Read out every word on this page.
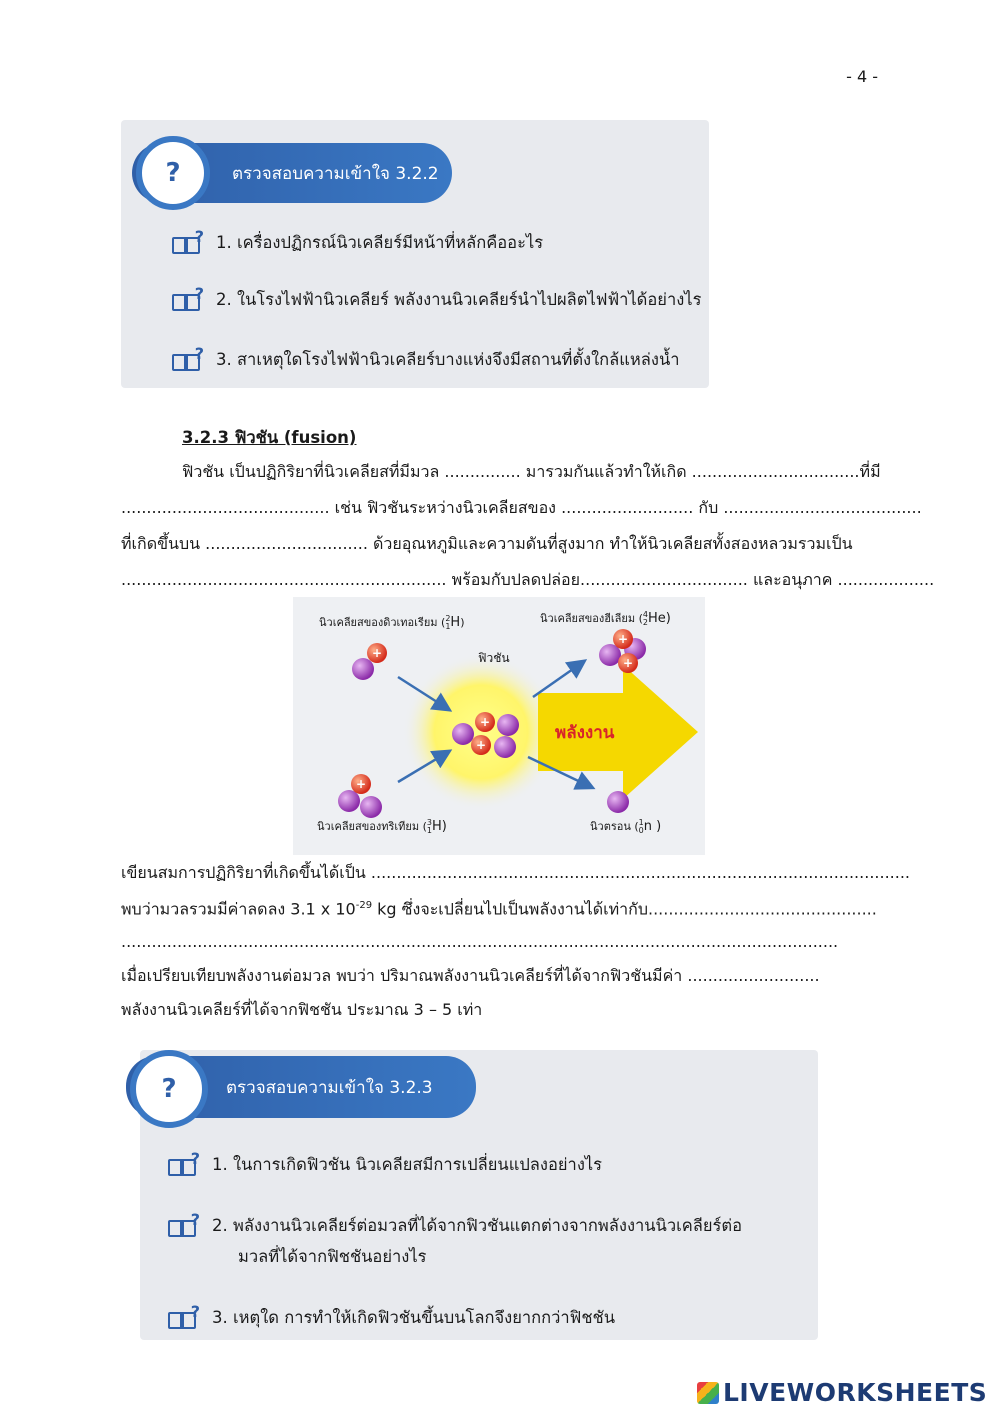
- 4 -
ตรวจสอบความเข้าใจ 3.2.2
?
? 1. เครื่องปฏิกรณ์นิวเคลียร์มีหน้าที่หลักคืออะไร
? 2. ในโรงไฟฟ้านิวเคลียร์ พลังงานนิวเคลียร์นำไปผลิตไฟฟ้าได้อย่างไร
? 3. สาเหตุใดโรงไฟฟ้านิวเคลียร์บางแห่งจึงมีสถานที่ตั้งใกล้แหล่งน้ำ
3.2.3 ฟิวชัน (fusion)
ฟิวชัน เป็นปฏิกิริยาที่นิวเคลียสที่มีมวล ............... มารวมกันแล้วทำให้เกิด .................................ที่มี
......................................... เช่น ฟิวชันระหว่างนิวเคลียสของ .......................... กับ .......................................
ที่เกิดขึ้นบน ................................ ด้วยอุณหภูมิและความดันที่สูงมาก ทำให้นิวเคลียสทั้งสองหลวมรวมเป็น
................................................................ พร้อมกับปลดปล่อย................................. และอนุภาค ...................
+
+
+
+
+
+
นิวเคลียสของดิวเทอเรียม (2
1H)	นิวเคลียสของฮีเลียม (4
2He)
ฟิวชัน
พลังงาน
นิวเคลียสของทริเทียม (3
1H)	นิวตรอน (1
0n )
เขียนสมการปฏิกิริยาที่เกิดขึ้นได้เป็น ..........................................................................................................
พบว่ามวลรวมมีค่าลดลง 3.1 x $10^{-29}$ kg ซึ่งจะเปลี่ยนไปเป็นพลังงานได้เท่ากับ.............................................
.............................................................................................................................................
เมื่อเปรียบเทียบพลังงานต่อมวล พบว่า ปริมาณพลังงานนิวเคลียร์ที่ได้จากฟิวชันมีค่า ..........................
พลังงานนิวเคลียร์ที่ได้จากฟิชชัน ประมาณ 3 – 5 เท่า
ตรวจสอบความเข้าใจ 3.2.3
?
? 1. ในการเกิดฟิวชัน นิวเคลียสมีการเปลี่ยนแปลงอย่างไร
? 2. พลังงานนิวเคลียร์ต่อมวลที่ได้จากฟิวชันแตกต่างจากพลังงานนิวเคลียร์ต่อ
มวลที่ได้จากฟิชชันอย่างไร
? 3. เหตุใด การทำให้เกิดฟิวชันขึ้นบนโลกจึงยากกว่าฟิชชัน
LIVEWORKSHEETS
